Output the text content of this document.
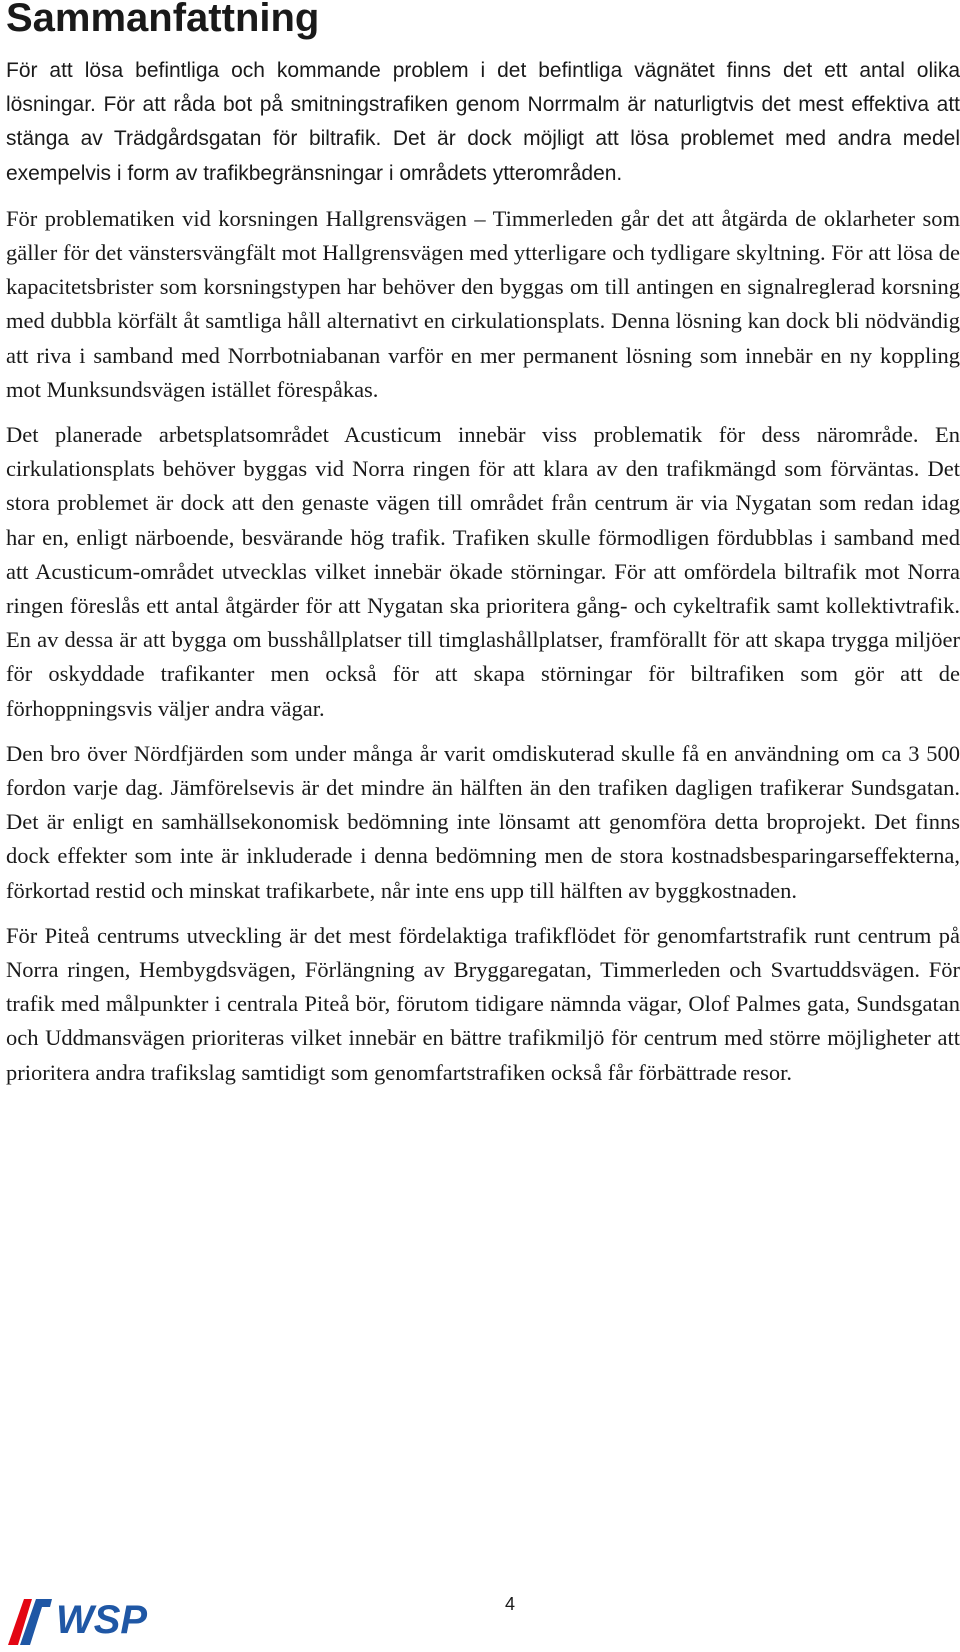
Sammanfattning

För att lösa befintliga och kommande problem i det befintliga vägnätet finns det ett antal olika lösningar. För att råda bot på smitningstrafiken genom Norrmalm är naturligtvis det mest effektiva att stänga av Trädgårdsgatan för biltrafik. Det är dock möjligt att lösa problemet med andra medel exempelvis i form av trafikbegränsningar i områdets ytterområden.

För problematiken vid korsningen Hallgrensvägen – Timmerleden går det att åtgärda de oklarheter som gäller för det vänstersvängfält mot Hallgrensvägen med ytterligare och tydligare skyltning. För att lösa de kapacitetsbrister som korsningstypen har behöver den byggas om till antingen en signalreglerad korsning med dubbla körfält åt samtliga håll alternativt en cirkulationsplats. Denna lösning kan dock bli nödvändig att riva i samband med Norrbotniabanan varför en mer permanent lösning som innebär en ny koppling mot Munksundsvägen istället förespåkas.

Det planerade arbetsplatsområdet Acusticum innebär viss problematik för dess närområde. En cirkulationsplats behöver byggas vid Norra ringen för att klara av den trafikmängd som förväntas. Det stora problemet är dock att den genaste vägen till området från centrum är via Nygatan som redan idag har en, enligt närboende, besvärande hög trafik. Trafiken skulle förmodligen fördubblas i samband med att Acusticum-området utvecklas vilket innebär ökade störningar. För att omfördela biltrafik mot Norra ringen föreslås ett antal åtgärder för att Nygatan ska prioritera gång- och cykeltrafik samt kollektivtrafik. En av dessa är att bygga om busshållplatser till timglashållplatser, framförallt för att skapa trygga miljöer för oskyddade trafikanter men också för att skapa störningar för biltrafiken som gör att de förhoppningsvis väljer andra vägar.

Den bro över Nördfjärden som under många år varit omdiskuterad skulle få en användning om ca 3 500 fordon varje dag. Jämförelsevis är det mindre än hälften än den trafiken dagligen trafikerar Sundsgatan. Det är enligt en samhällsekonomisk bedömning inte lönsamt att genomföra detta broprojekt. Det finns dock effekter som inte är inkluderade i denna bedömning men de stora kostnadsbesparingarseffekterna, förkortad restid och minskat trafikarbete, når inte ens upp till hälften av byggkostnaden.

För Piteå centrums utveckling är det mest fördelaktiga trafikflödet för genomfartstrafik runt centrum på Norra ringen, Hembygdsvägen, Förlängning av Bryggaregatan, Timmerleden och Svartuddsvägen. För trafik med målpunkter i centrala Piteå bör, förutom tidigare nämnda vägar, Olof Palmes gata, Sundsgatan och Uddmansvägen prioriteras vilket innebär en bättre trafikmiljö för centrum med större möjligheter att prioritera andra trafikslag samtidigt som genomfartstrafiken också får förbättrade resor.

WSP	4
